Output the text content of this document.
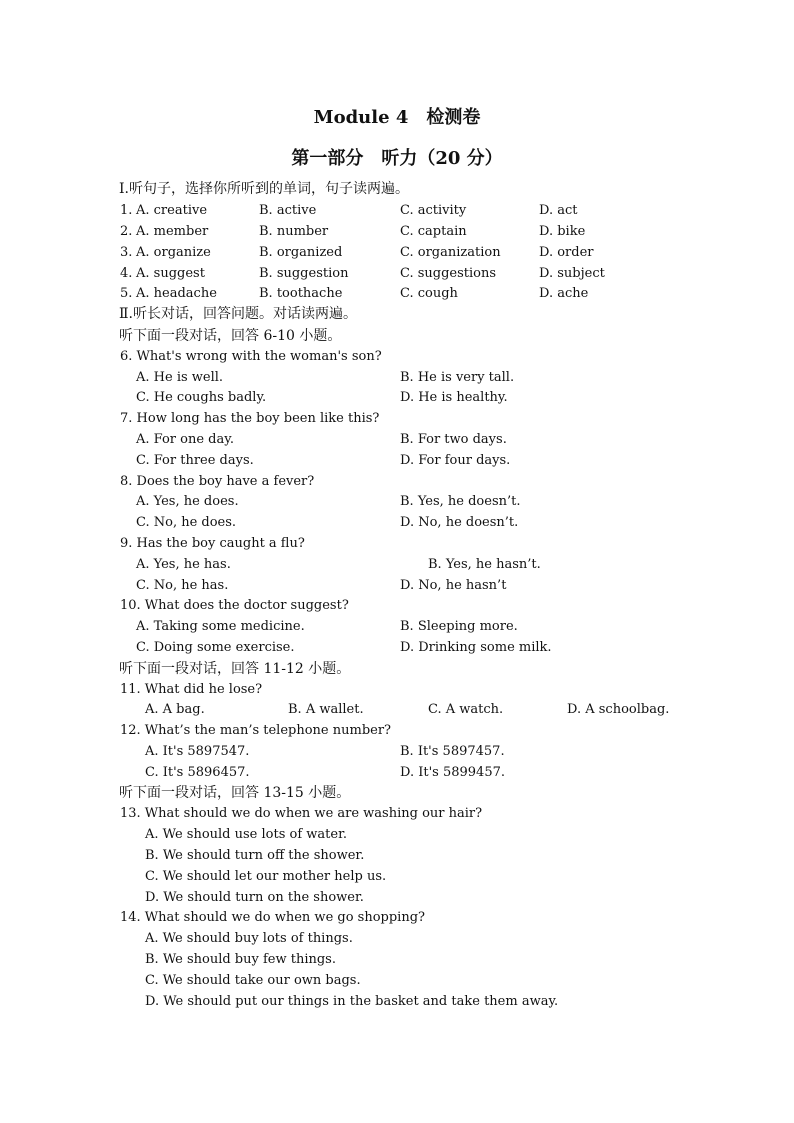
Module 4　检测卷
第一部分　听力（20 分）
Ⅰ.听句子，选择你所听到的单词，句子读两遍。
1. A. creative	B. active	C. activity	D. act
2. A. member	B. number	C. captain	D. bike
3. A. organize	B. organized	C. organization	D. order
4. A. suggest	B. suggestion	C. suggestions	D. subject
5. A. headache	B. toothache	C. cough	D. ache
Ⅱ.听长对话，回答问题。对话读两遍。
听下面一段对话，回答 6-10 小题。
6. What's wrong with the woman's son?
A. He is well.	B. He is very tall.
C. He coughs badly.	D. He is healthy.
7. How long has the boy been like this?
A. For one day.	B. For two days.
C. For three days.	D. For four days.
8. Does the boy have a fever?
A. Yes, he does.	B. Yes, he doesn’t.
C. No, he does.	D. No, he doesn’t.
9. Has the boy caught a flu?
A. Yes, he has.	B. Yes, he hasn’t.
C. No, he has.	D. No, he hasn’t
10. What does the doctor suggest?
A. Taking some medicine.	B. Sleeping more.
C. Doing some exercise.	D. Drinking some milk.
听下面一段对话，回答 11-12 小题。
11. What did he lose?
A. A bag.	B. A wallet.	C. A watch.	D. A schoolbag.
12. What’s the man’s telephone number?
A. It's 5897547.	B. It's 5897457.
C. It's 5896457.	D. It's 5899457.
听下面一段对话，回答 13-15 小题。
13. What should we do when we are washing our hair?
A. We should use lots of water.
B. We should turn off the shower.
C. We should let our mother help us.
D. We should turn on the shower.
14. What should we do when we go shopping?
A. We should buy lots of things.
B. We should buy few things.
C. We should take our own bags.
D. We should put our things in the basket and take them away.
